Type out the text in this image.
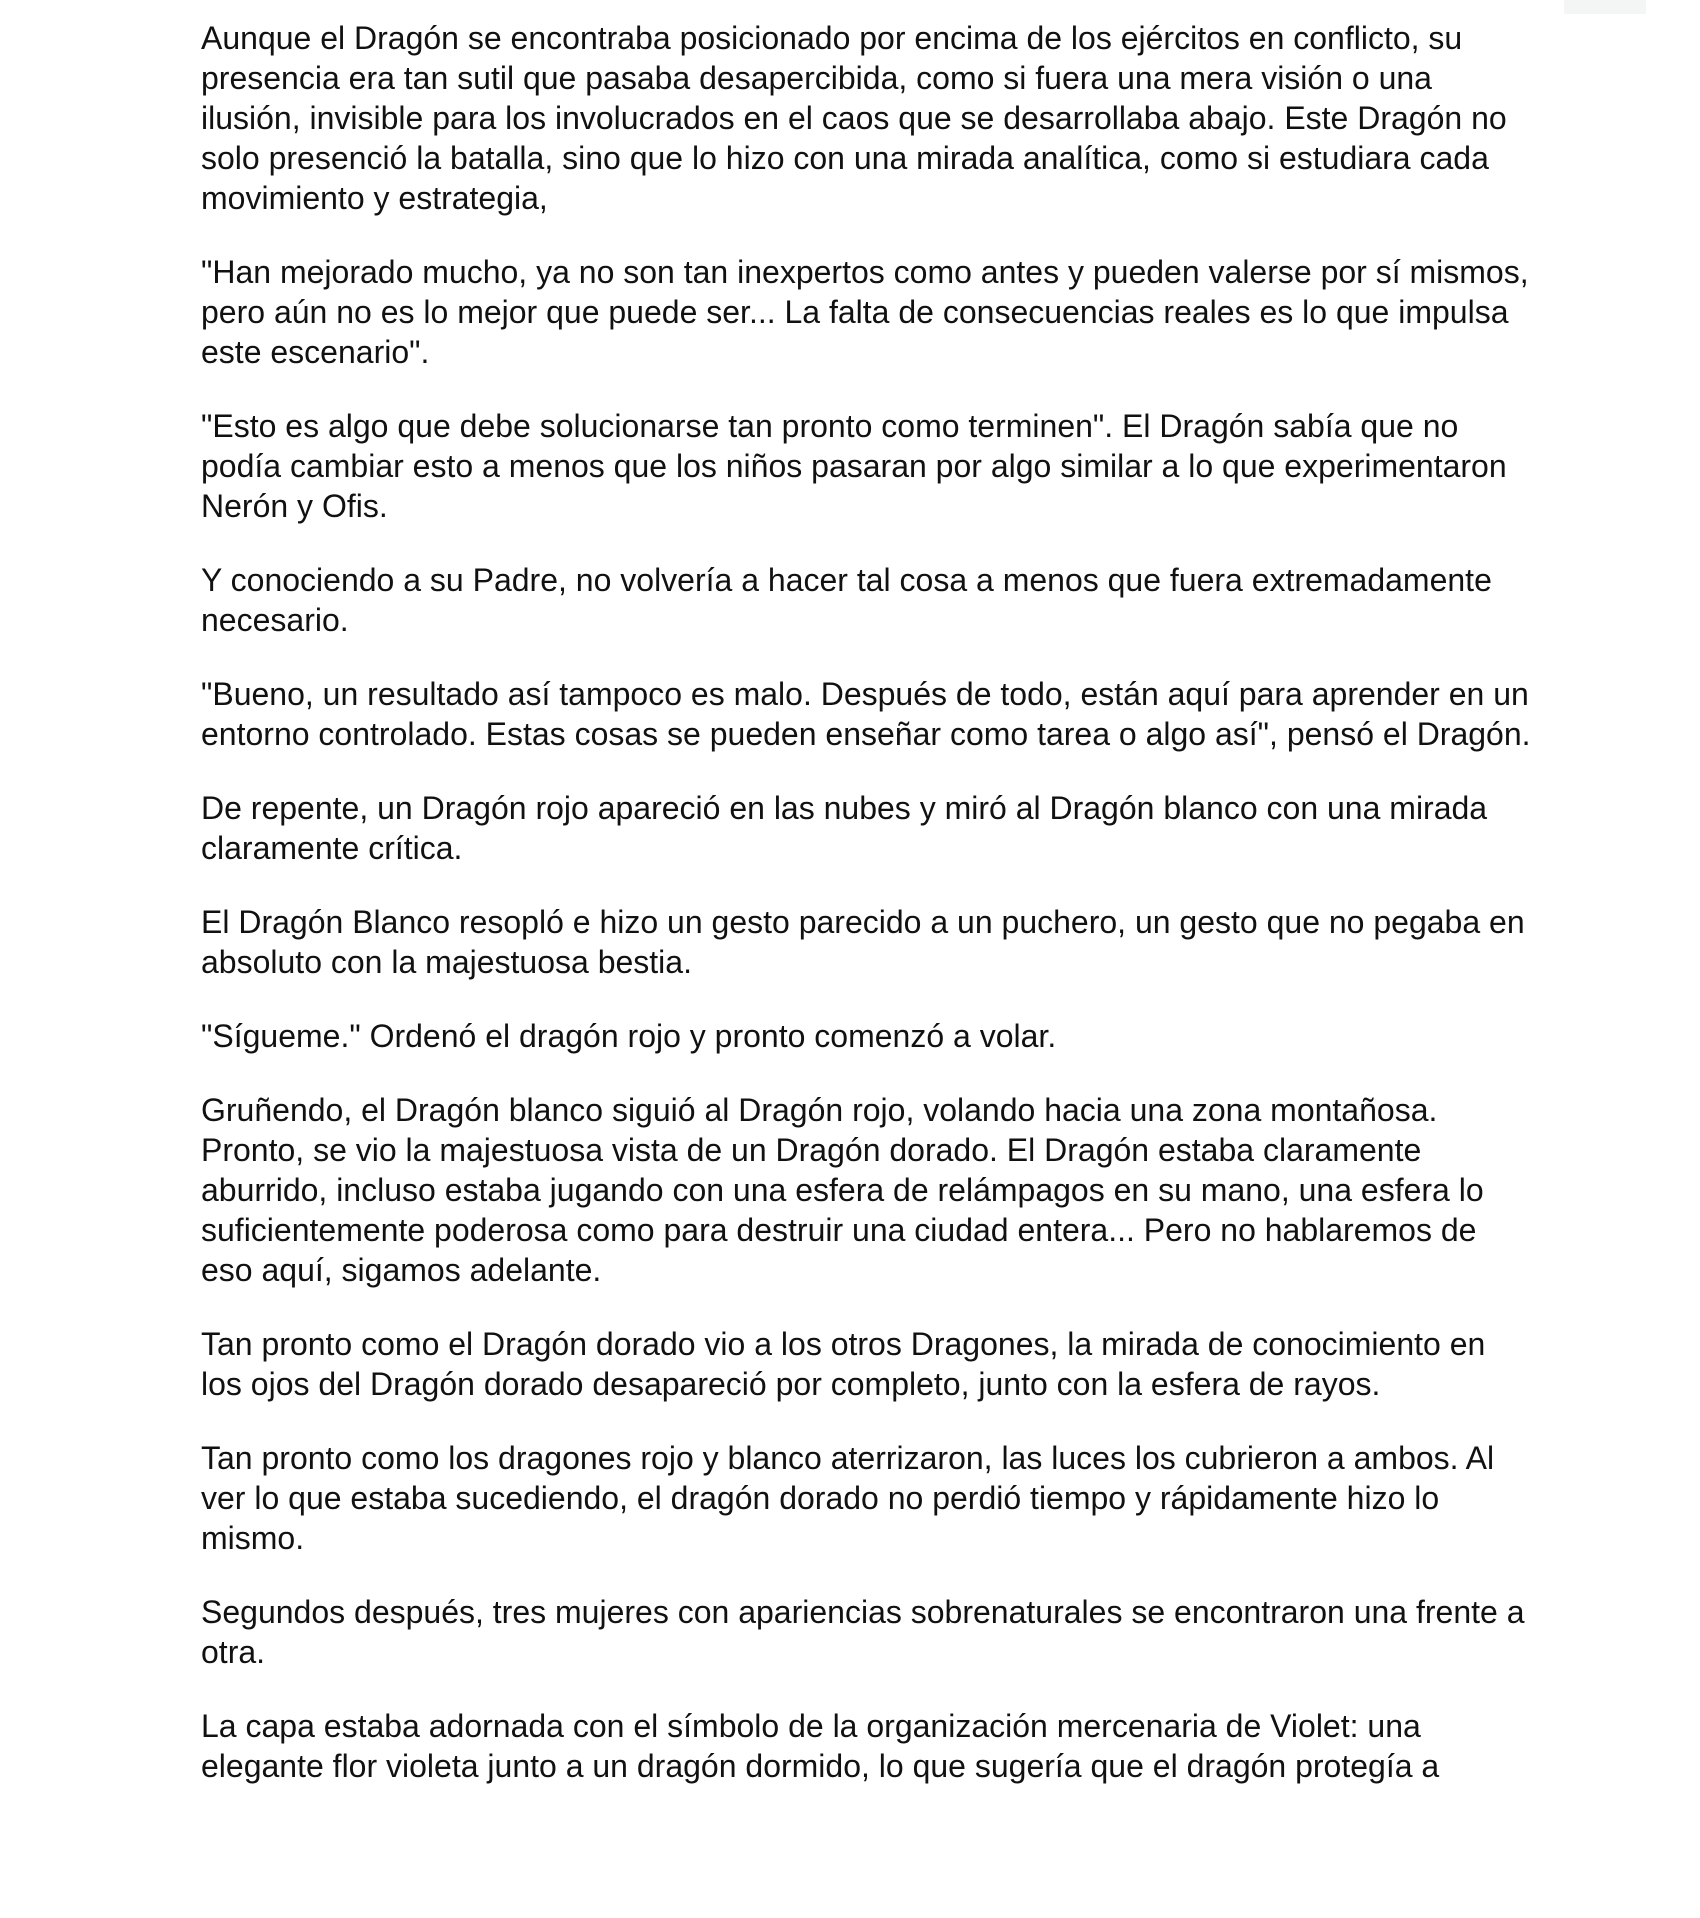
Aunque el Dragón se encontraba posicionado por encima de los ejércitos en conflicto, su presencia era tan sutil que pasaba desapercibida, como si fuera una mera visión o una ilusión, invisible para los involucrados en el caos que se desarrollaba abajo. Este Dragón no solo presenció la batalla, sino que lo hizo con una mirada analítica, como si estudiara cada movimiento y estrategia,

"Han mejorado mucho, ya no son tan inexpertos como antes y pueden valerse por sí mismos, pero aún no es lo mejor que puede ser... La falta de consecuencias reales es lo que impulsa este escenario".

"Esto es algo que debe solucionarse tan pronto como terminen". El Dragón sabía que no podía cambiar esto a menos que los niños pasaran por algo similar a lo que experimentaron Nerón y Ofis.

Y conociendo a su Padre, no volvería a hacer tal cosa a menos que fuera extremadamente necesario.

"Bueno, un resultado así tampoco es malo. Después de todo, están aquí para aprender en un entorno controlado. Estas cosas se pueden enseñar como tarea o algo así", pensó el Dragón.

De repente, un Dragón rojo apareció en las nubes y miró al Dragón blanco con una mirada claramente crítica.

El Dragón Blanco resopló e hizo un gesto parecido a un puchero, un gesto que no pegaba en absoluto con la majestuosa bestia.

"Sígueme." Ordenó el dragón rojo y pronto comenzó a volar.

Gruñendo, el Dragón blanco siguió al Dragón rojo, volando hacia una zona montañosa. Pronto, se vio la majestuosa vista de un Dragón dorado. El Dragón estaba claramente aburrido, incluso estaba jugando con una esfera de relámpagos en su mano, una esfera lo suficientemente poderosa como para destruir una ciudad entera... Pero no hablaremos de eso aquí, sigamos adelante.

Tan pronto como el Dragón dorado vio a los otros Dragones, la mirada de conocimiento en los ojos del Dragón dorado desapareció por completo, junto con la esfera de rayos.

Tan pronto como los dragones rojo y blanco aterrizaron, las luces los cubrieron a ambos. Al ver lo que estaba sucediendo, el dragón dorado no perdió tiempo y rápidamente hizo lo mismo.

Segundos después, tres mujeres con apariencias sobrenaturales se encontraron una frente a otra.

La capa estaba adornada con el símbolo de la organización mercenaria de Violet: una elegante flor violeta junto a un dragón dormido, lo que sugería que el dragón protegía a
